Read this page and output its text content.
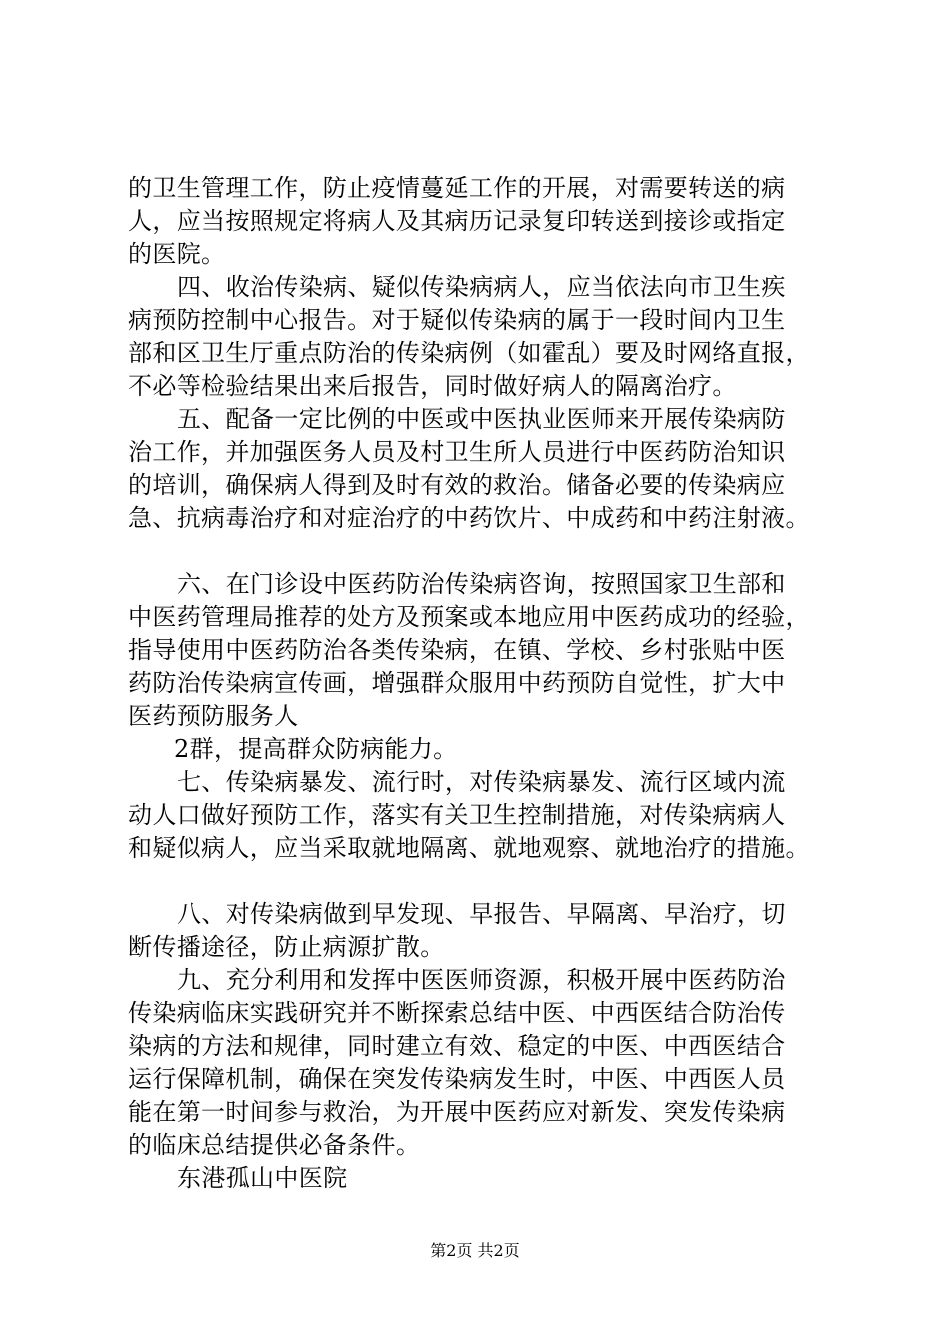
的卫生管理工作，防止疫情蔓延工作的开展，对需要转送的病
人，应当按照规定将病人及其病历记录复印转送到接诊或指定
的医院。
四、收治传染病、疑似传染病病人，应当依法向市卫生疾
病预防控制中心报告。对于疑似传染病的属于一段时间内卫生
部和区卫生厅重点防治的传染病例（如霍乱）要及时网络直报，
不必等检验结果出来后报告，同时做好病人的隔离治疗。
五、配备一定比例的中医或中医执业医师来开展传染病防
治工作，并加强医务人员及村卫生所人员进行中医药防治知识
的培训，确保病人得到及时有效的救治。储备必要的传染病应
急、抗病毒治疗和对症治疗的中药饮片、中成药和中药注射液。
六、在门诊设中医药防治传染病咨询，按照国家卫生部和
中医药管理局推荐的处方及预案或本地应用中医药成功的经验，
指导使用中医药防治各类传染病，在镇、学校、乡村张贴中医
药防治传染病宣传画，增强群众服用中药预防自觉性，扩大中
医药预防服务人
2群，提高群众防病能力。
七、传染病暴发、流行时，对传染病暴发、流行区域内流
动人口做好预防工作，落实有关卫生控制措施，对传染病病人
和疑似病人，应当采取就地隔离、就地观察、就地治疗的措施。
八、对传染病做到早发现、早报告、早隔离、早治疗，切
断传播途径，防止病源扩散。
九、充分利用和发挥中医医师资源，积极开展中医药防治
传染病临床实践研究并不断探索总结中医、中西医结合防治传
染病的方法和规律，同时建立有效、稳定的中医、中西医结合
运行保障机制，确保在突发传染病发生时，中医、中西医人员
能在第一时间参与救治，为开展中医药应对新发、突发传染病
的临床总结提供必备条件。
东港孤山中医院
第2页 共2页
